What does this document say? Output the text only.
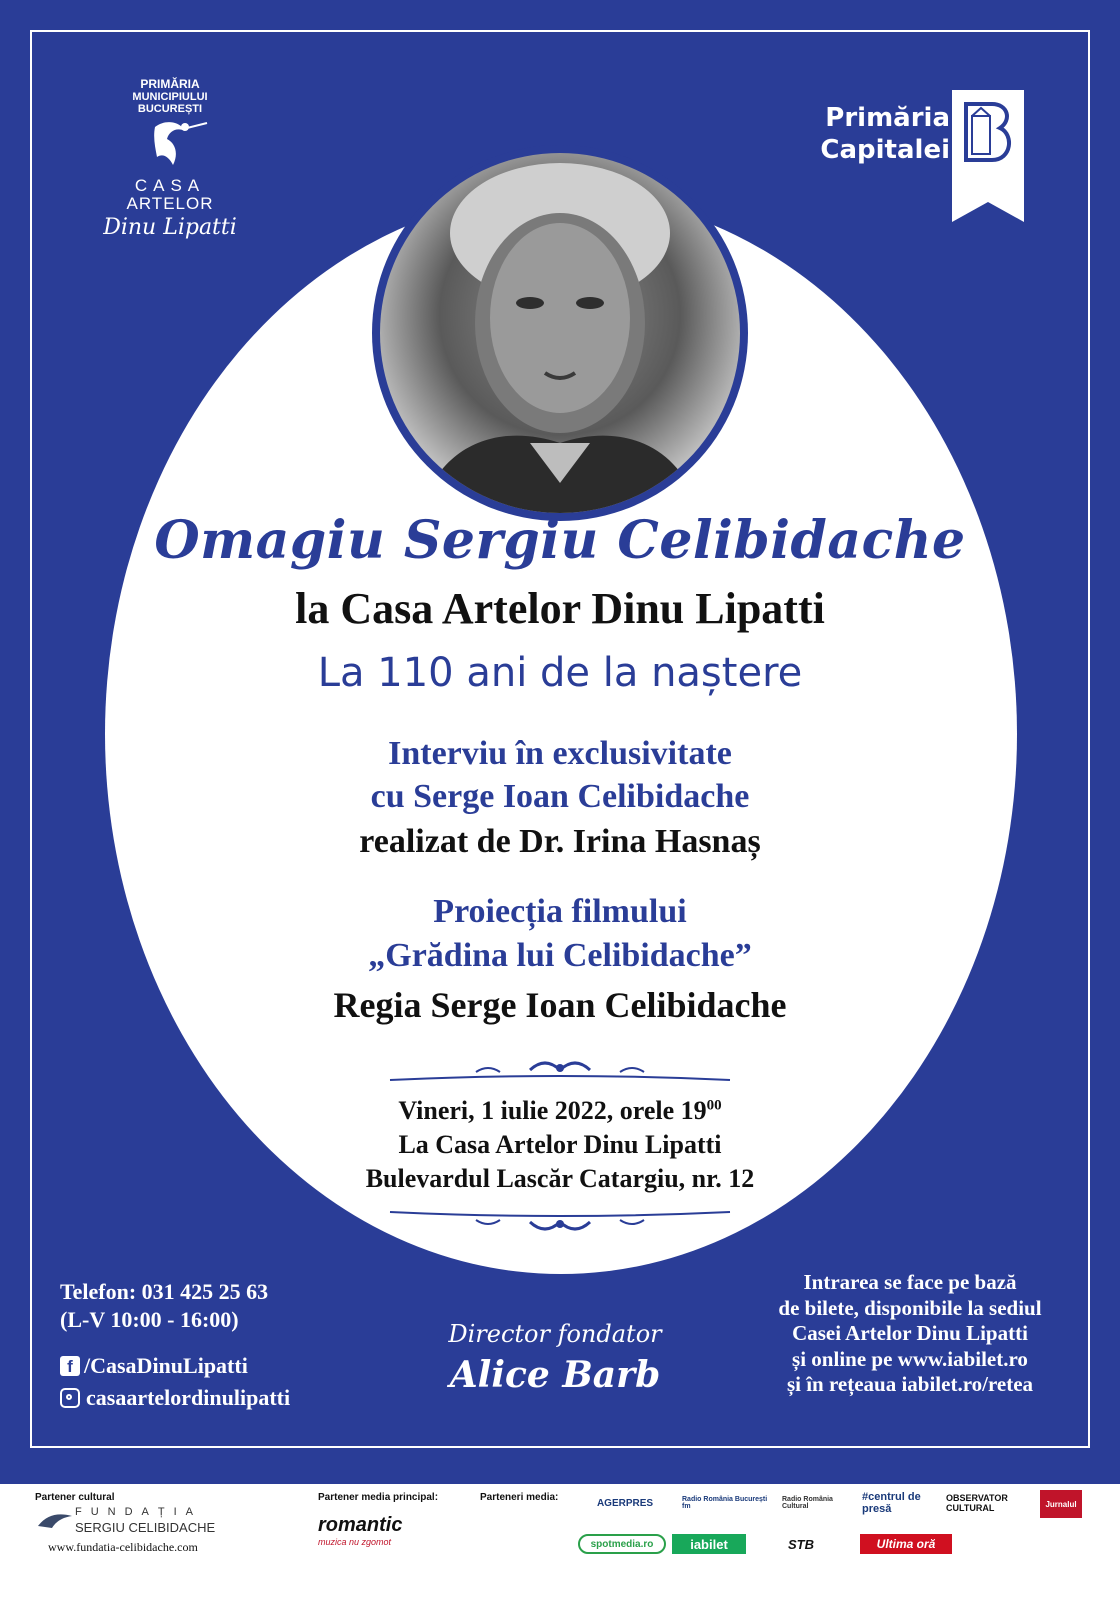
PRIMĂRIA
MUNICIPIULUI
BUCUREȘTI
CASA
ARTELOR
Dinu Lipatti
Primăria
Capitalei
Omagiu Sergiu Celibidache
la Casa Artelor Dinu Lipatti
La 110 ani de la naștere
Interviu în exclusivitate
cu Serge Ioan Celibidache
realizat de Dr. Irina Hasnaș
Proiecția filmului
„Grădina lui Celibidache”
Regia Serge Ioan Celibidache
Vineri, 1 iulie 2022, orele $19^{00}$
La Casa Artelor Dinu Lipatti
Bulevardul Lascăr Catargiu, nr. 12
Telefon: 031 425 25 63
(L-V 10:00 - 16:00)
f /CasaDinuLipatti
casaartelordinulipatti
Director fondator
Alice Barb
Intrarea se face pe bază
de bilete, disponibile la sediul
Casei Artelor Dinu Lipatti
și online pe www.iabilet.ro
și în rețeaua iabilet.ro/retea
Partener cultural
FUNDAȚIA
SERGIU CELIBIDACHE
www.fundatia-celibidache.com
Partener media principal:
romantic
muzica nu zgomot
Parteneri media:	AGERPRES	Radio România București fm
Radio România Cultural
#centrul de presă
OBSERVATOR CULTURAL	Jurnalul
spotmedia.ro	iabilet	STB	Ultima oră
